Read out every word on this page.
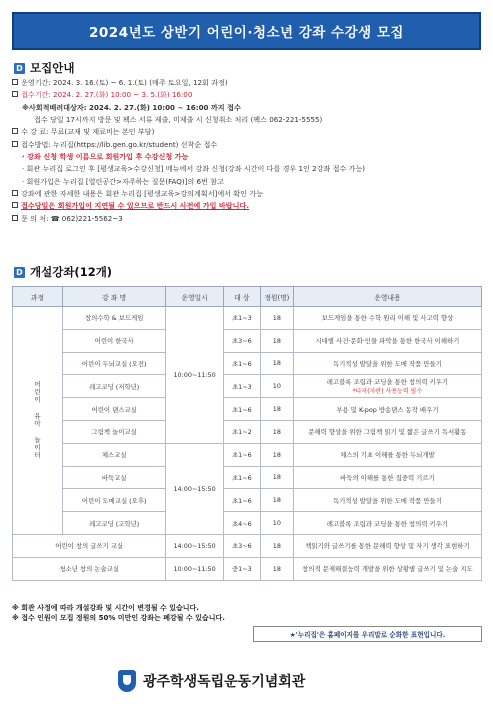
2024년도 상반기 어린이·청소년 강좌 수강생 모집
D 모집안내
운영기간: 2024. 3. 16.(토) ~ 6. 1.(토) (매주 토요일, 12회 과정)
접수기간: 2024. 2. 27.(화) 10:00 ~ 3. 5.(화) 16:00
※사회적배려대상자: 2024. 2. 27.(화) 10:00 ~ 16:00 까지 접수
접수 당일 17시까지 방문 및 팩스 서류 제출, 미제출 시 신청취소 처리 (팩스 062-221-5555)
수 강 료: 무료(교재 및 재료비는 본인 부담)
접수방법: 누리집(https://lib.gen.go.kr/student) 선착순 접수
· 강좌 신청 학생 이름으로 회원가입 후 수강신청 가능
· 회관 누리집 로그인 후 [평생교육>수강신청] 메뉴에서 강좌 신청(강좌 시간이 다를 경우 1인 2강좌 접수 가능)
· 회원가입은 누리집 [열린공간>자주하는 질문(FAQ)]의 6번 참고
강좌에 관한 자세한 내용은 회관 누리집 [평생교육>강의계획서]에서 확인 가능
접수당일은 회원가입이 지연될 수 있으므로 반드시 사전에 가입 바랍니다.
문 의 처: ☎ 062)221-5562~3
D 개설강좌(12개)
과정	강 좌 명	운영일시	대 상	정원(명)	운영내용
어린이 유아 놀이터	창의수학 & 보드게임	10:00~11:50	초1~3	18	보드게임을 통한 수학 원리 이해 및 사고력 향상
	어린이 한국사		초3~6	18	시대별 사건·문화·인물 파악을 통한 한국사 이해하기
	어린이 두뇌교실 (오전)		초1~6	18	독기적성 발달을 위한 도메 작품 만들기
	레고코딩 (저학년)		초1~3	10	레고블록 조립과 코딩을 통한 창의력 키우기
*타자(자판) 사용능력 필수

	어린이 댄스교실		초1~6	18	부용 및 K-pop 방송댄스 동작 배우기
	그림책 놀이교실		초1~2	18	문해력 향상을 위한 그림책 읽기 및 짧은 글쓰기 독서활동
	체스교실	14:00~15:50	초1~6	18	체스의 기초 이해를 통한 두뇌개발
	바둑교실		초1~6	18	바둑의 이해를 통한 집중력 기르기
	어린이 도메교실 (오후)		초1~6	18	독기적성 발달을 위한 도메 작품 만들기
	레고코딩 (고학년)		초4~6	10	레고블록 조립과 코딩을 통한 창의력 키우기
어린이 창의 글쓰기 교실		14:00~15:50	초3~6	18	책읽기와 글쓰기를 통한 문해력 향상 및 자기 생각 표현하기
청소년 창의 논술교실		10:00~11:50	중1~3	18	창의적 문제해결능력 개발을 위한 상황별 글쓰기 및 논술 지도
※ 회관 사정에 따라 개설강좌 및 시간이 변경될 수 있습니다.
※ 접수 인원이 모집 정원의 50% 미만인 강좌는 폐강될 수 있습니다.
★'누리집'은 홈페이지를 우리말로 순화한 표현입니다.
광주학생독립운동기념회관
